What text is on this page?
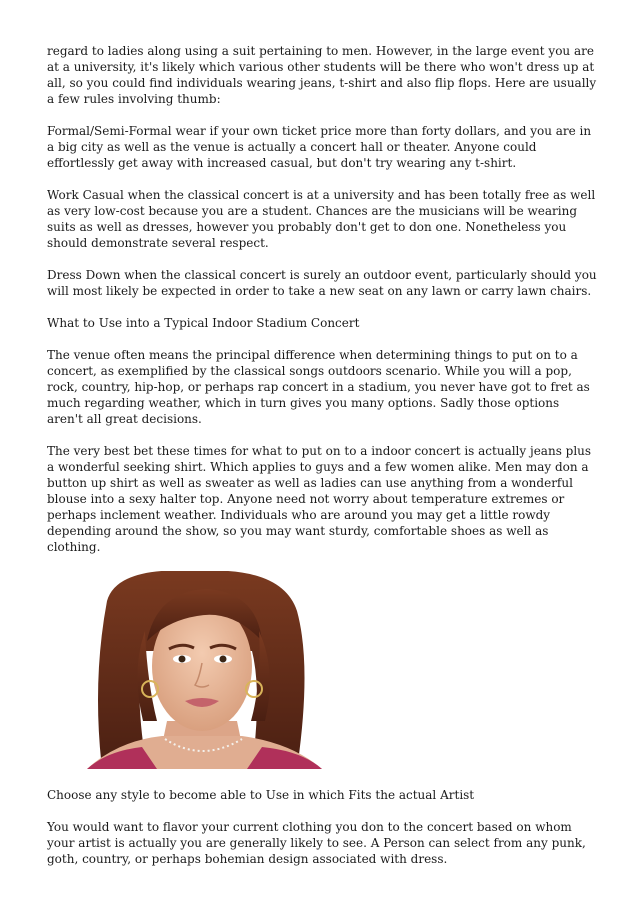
regard to ladies along using a suit pertaining to men. However, in the large event you are at a university, it's likely which various other students will be there who won't dress up at all, so you could find individuals wearing jeans, t-shirt and also flip flops. Here are usually a few rules involving thumb:

Formal/Semi-Formal wear if your own ticket price more than forty dollars, and you are in a big city as well as the venue is actually a concert hall or theater. Anyone could effortlessly get away with increased casual, but don't try wearing any t-shirt.

Work Casual when the classical concert is at a university and has been totally free as well as very low-cost because you are a student. Chances are the musicians will be wearing suits as well as dresses, however you probably don't get to don one. Nonetheless you should demonstrate several respect.

Dress Down when the classical concert is surely an outdoor event, particularly should you will most likely be expected in order to take a new seat on any lawn or carry lawn chairs.

What to Use into a Typical Indoor Stadium Concert

The venue often means the principal difference when determining things to put on to a concert, as exemplified by the classical songs outdoors scenario. While you will a pop, rock, country, hip-hop, or perhaps rap concert in a stadium, you never have got to fret as much regarding weather, which in turn gives you many options. Sadly those options aren't all great decisions.

The very best bet these times for what to put on to a indoor concert is actually jeans plus a wonderful seeking shirt. Which applies to guys and a few women alike. Men may don a button up shirt as well as sweater as well as ladies can use anything from a wonderful blouse into a sexy halter top. Anyone need not worry about temperature extremes or perhaps inclement weather. Individuals who are around you may get a little rowdy depending around the show, so you may want sturdy, comfortable shoes as well as clothing.

Choose any style to become able to Use in which Fits the actual Artist

You would want to flavor your current clothing you don to the concert based on whom your artist is actually you are generally likely to see. A Person can select from any punk, goth, country, or perhaps bohemian design associated with dress.
